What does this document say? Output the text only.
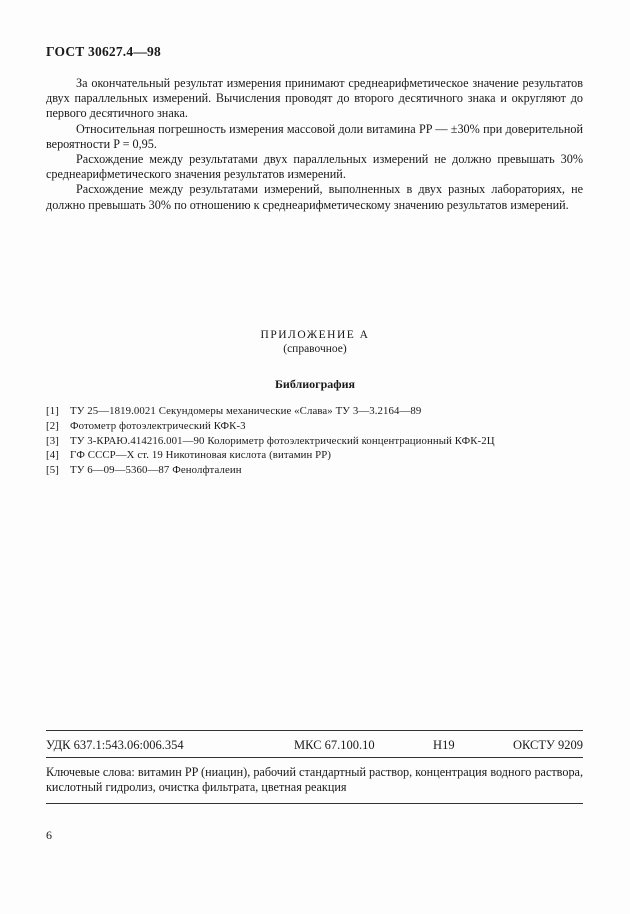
ГОСТ 30627.4—98

За окончательный результат измерения принимают среднеарифметическое значение результатов двух параллельных измерений. Вычисления проводят до второго десятичного знака и округляют до первого десятичного знака.

Относительная погрешность измерения массовой доли витамина PP — ±30% при доверительной вероятности P = 0,95.

Расхождение между результатами двух параллельных измерений не должно превышать 30% среднеарифметического значения результатов измерений.

Расхождение между результатами измерений, выполненных в двух разных лабораториях, не должно превышать 30% по отношению к среднеарифметическому значению результатов измерений.

ПРИЛОЖЕНИЕ А
(справочное)
Библиография
[1]	ТУ 25—1819.0021 Секундомеры механические «Слава» ТУ 3—3.2164—89
[2]	Фотометр фотоэлектрический КФК-3
[3]	ТУ 3-КРАЮ.414216.001—90 Колориметр фотоэлектрический концентрационный КФК-2Ц
[4]	ГФ СССР—Х ст. 19 Никотиновая кислота (витамин PP)
[5]	ТУ 6—09—5360—87 Фенолфталеин
УДК 637.1:543.06:006.354	МКС 67.100.10	Н19	ОКСТУ 9209
Ключевые слова: витамин PP (ниацин), рабочий стандартный раствор, концентрация водного раствора, кислотный гидролиз, очистка фильтрата, цветная реакция
6
